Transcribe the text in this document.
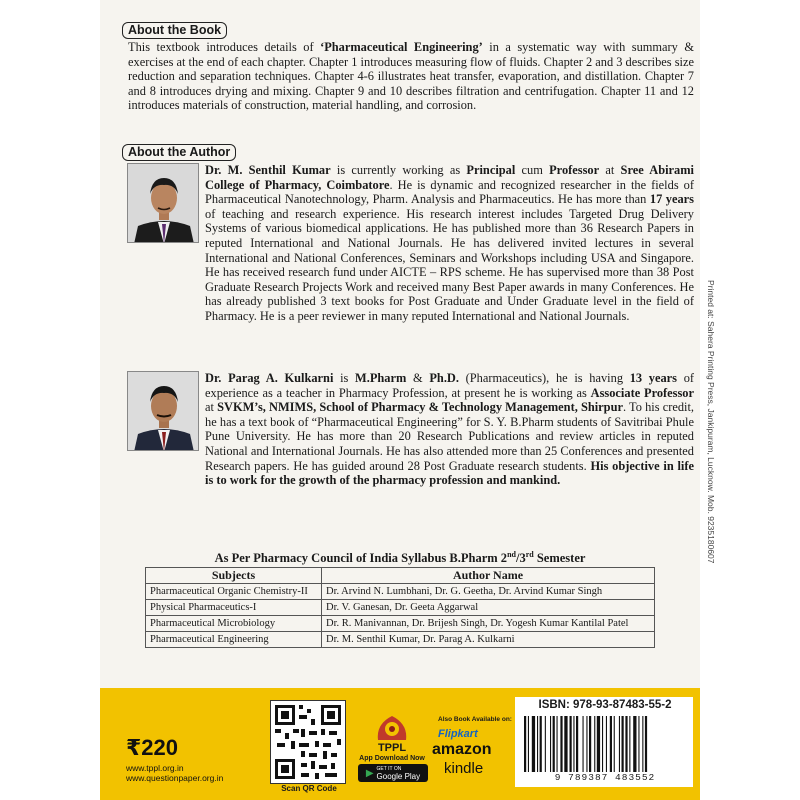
About the Book
This textbook introduces details of ‘Pharmaceutical Engineering’ in a systematic way with summary & exercises at the end of each chapter. Chapter 1 introduces measuring flow of fluids. Chapter 2 and 3 describes size reduction and separation techniques. Chapter 4-6 illustrates heat transfer, evaporation, and distillation. Chapter 7 and 8 introduces drying and mixing. Chapter 9 and 10 describes filtration and centrifugation. Chapter 11 and 12 introduces materials of construction, material handling, and corrosion.
About the Author
Dr. M. Senthil Kumar is currently working as Principal cum Professor at Sree Abirami College of Pharmacy, Coimbatore. He is dynamic and recognized researcher in the fields of Pharmaceutical Nanotechnology, Pharm. Analysis and Pharmaceutics. He has more than 17 years of teaching and research experience. His research interest includes Targeted Drug Delivery Systems of various biomedical applications. He has published more than 36 Research Papers in reputed International and National Journals. He has delivered invited lectures in several International and National Conferences, Seminars and Workshops including USA and Singapore. He has received research fund under AICTE – RPS scheme. He has supervised more than 38 Post Graduate Research Projects Work and received many Best Paper awards in many Conferences. He has already published 3 text books for Post Graduate and Under Graduate level in the field of Pharmacy. He is a peer reviewer in many reputed International and National Journals.
Dr. Parag A. Kulkarni is M.Pharm & Ph.D. (Pharmaceutics), he is having 13 years of experience as a teacher in Pharmacy Profession, at present he is working as Associate Professor at SVKM’s, NMIMS, School of Pharmacy & Technology Management, Shirpur. To his credit, he has a text book of “Pharmaceutical Engineering” for S. Y. B.Pharm students of Savitribai Phule Pune University. He has more than 20 Research Publications and review articles in reputed National and International Journals. He has also attended more than 25 Conferences and presented Research papers. He has guided around 28 Post Graduate research students. His objective in life is to work for the growth of the pharmacy profession and mankind.
As Per Pharmacy Council of India Syllabus B.Pharm 2nd/3rd Semester
Subjects	Author Name
Pharmaceutical Organic Chemistry-II	Dr. Arvind N. Lumbhani, Dr. G. Geetha, Dr. Arvind Kumar Singh
Physical Pharmaceutics-I	Dr. V. Ganesan, Dr. Geeta Aggarwal
Pharmaceutical Microbiology	Dr. R. Manivannan, Dr. Brijesh Singh, Dr. Yogesh Kumar Kantilal Patel
Pharmaceutical Engineering	Dr. M. Senthil Kumar, Dr. Parag A. Kulkarni
Printed at: Sahera Printing Press, Jankipuram, Lucknow. Mob. 9235180607
₹220
www.tppl.org.in
www.questionpaper.org.in
Scan QR Code
TPPL
App Download Now
▶ GET IT ON
Google Play
Also Book Available on:
Flipkart
amazon
kindle
ISBN: 978-93-87483-55-2
9 789387 483552
